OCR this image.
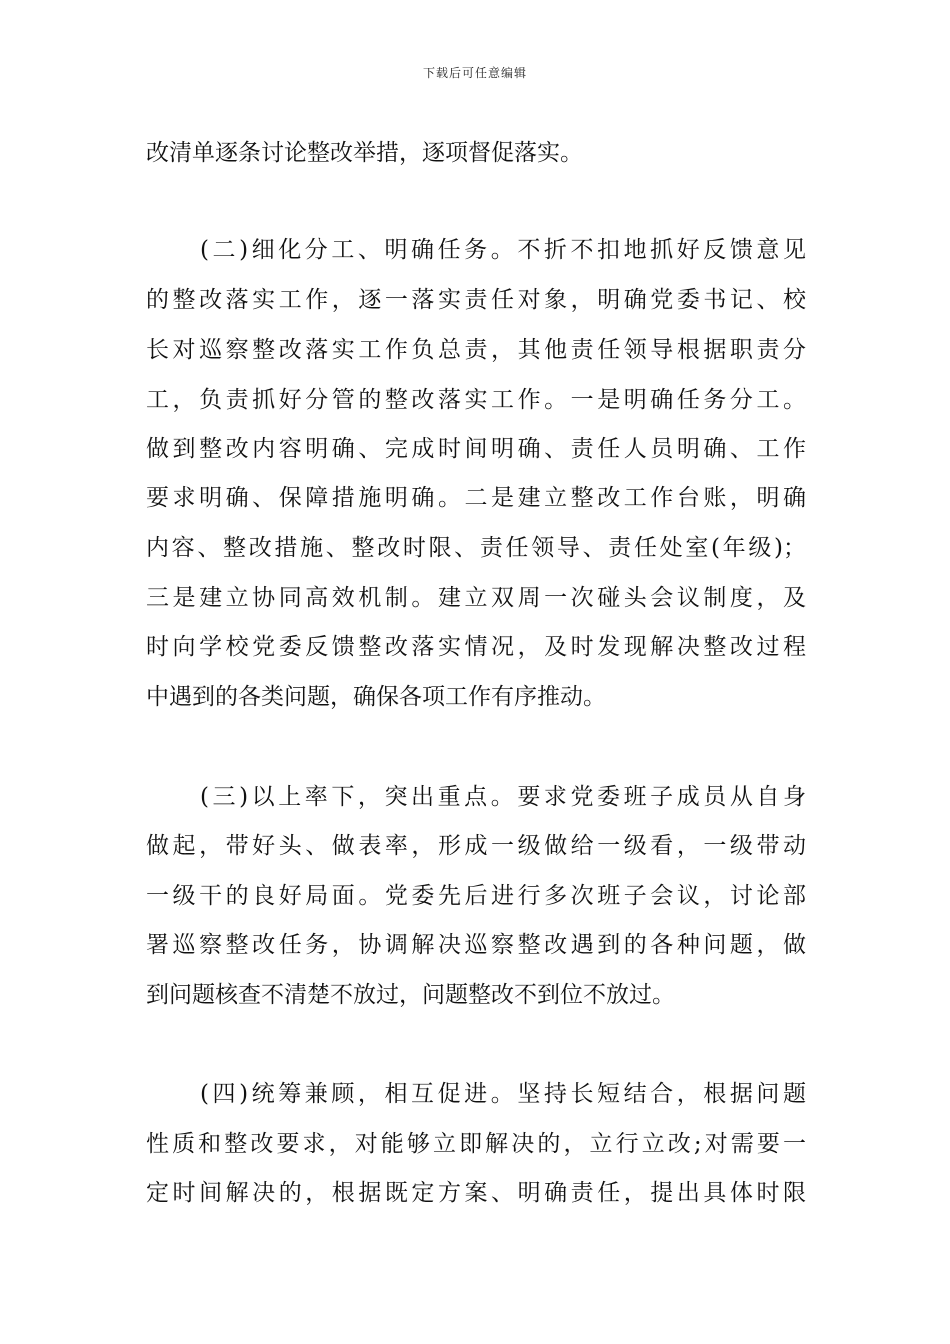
下载后可任意编辑
改清单逐条讨论整改举措，逐项督促落实。
(二)细化分工、明确任务。不折不扣地抓好反馈意见
的整改落实工作，逐一落实责任对象，明确党委书记、校
长对巡察整改落实工作负总责，其他责任领导根据职责分
工，负责抓好分管的整改落实工作。一是明确任务分工。
做到整改内容明确、完成时间明确、责任人员明确、工作
要求明确、保障措施明确。二是建立整改工作台账，明确
内容、整改措施、整改时限、责任领导、责任处室(年级)；
三是建立协同高效机制。建立双周一次碰头会议制度，及
时向学校党委反馈整改落实情况，及时发现解决整改过程
中遇到的各类问题，确保各项工作有序推动。
(三)以上率下，突出重点。要求党委班子成员从自身
做起，带好头、做表率，形成一级做给一级看，一级带动
一级干的良好局面。党委先后进行多次班子会议，讨论部
署巡察整改任务，协调解决巡察整改遇到的各种问题，做
到问题核查不清楚不放过，问题整改不到位不放过。
(四)统筹兼顾，相互促进。坚持长短结合，根据问题
性质和整改要求，对能够立即解决的，立行立改;对需要一
定时间解决的，根据既定方案、明确责任，提出具体时限
